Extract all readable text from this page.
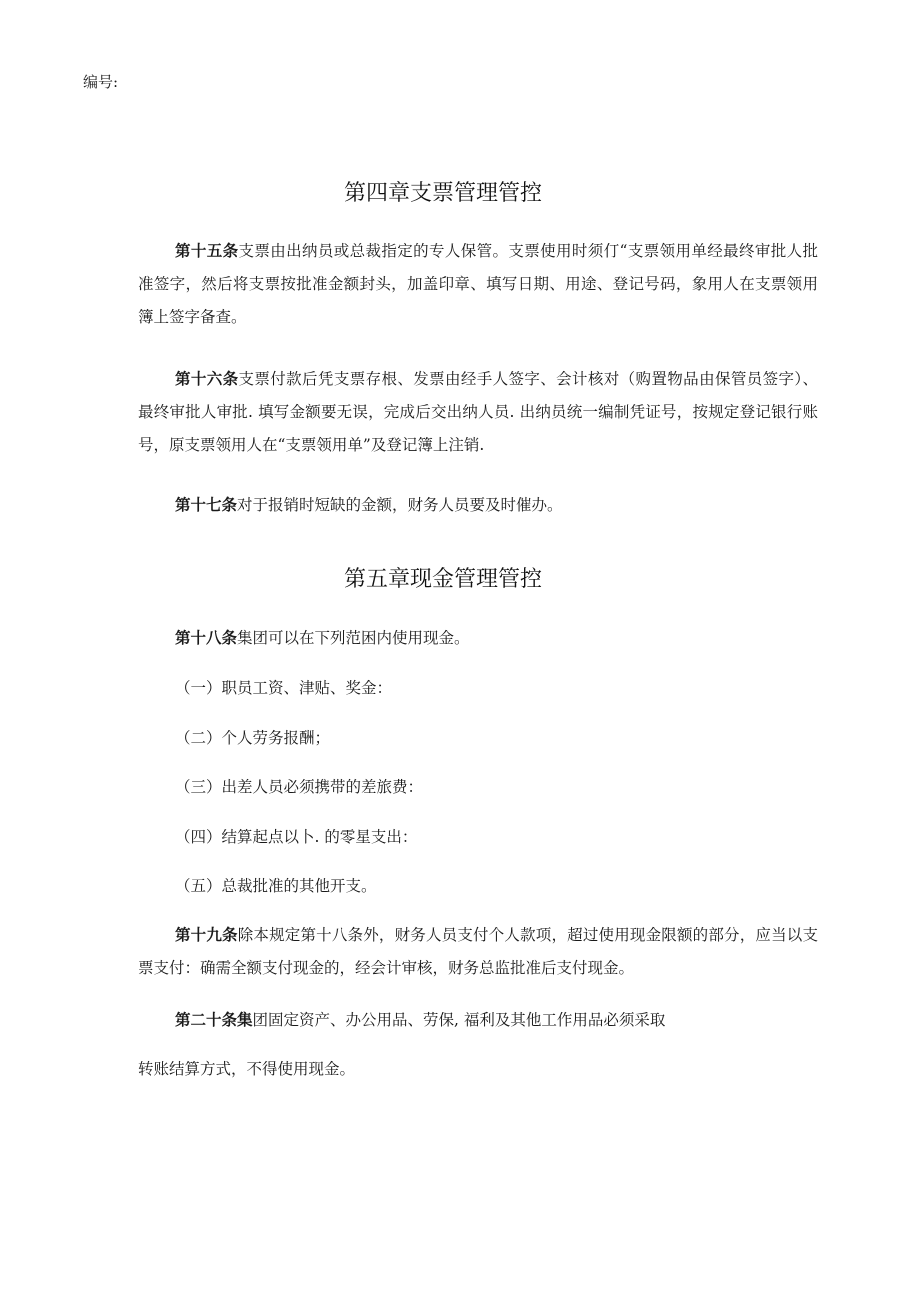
编号:
第四章支票管理管控

第十五条支票由出纳员或总裁指定的专人保管。支票使用时须仃“支票领用单经最终审批人批准签字，然后将支票按批准金额封头，加盖印章、填写日期、用途、登记号码，象用人在支票领用簿上签字备查。

第十六条支票付款后凭支票存根、发票由经手人签字、会计核对（购置物品由保管员签字）、最终审批人审批. 填写金额要无误，完成后交出纳人员. 出纳员统一编制凭证号，按规定登记银行账号，原支票领用人在“支票领用单”及登记簿上注销.

第十七条对于报销时短缺的金额，财务人员要及时催办。
第五章现金管理管控
第十八条集团可以在下列范困内使用现金。
（一）职员工资、津贴、奖金：
（二）个人劳务报酬；
（三）出差人员必须携带的差旅费：
（四）结算起点以卜. 的零星支出：
（五）总裁批准的其他开支。

第十九条除本规定第十八条外，财务人员支付个人款项，超过使用现金限额的部分，应当以支票支付：确需全额支付现金的，经会计审核，财务总监批准后支付现金。

第二十条集团固定资产、办公用品、劳保, 福利及其他工作用品必须采取
转账结算方式，不得使用现金。
